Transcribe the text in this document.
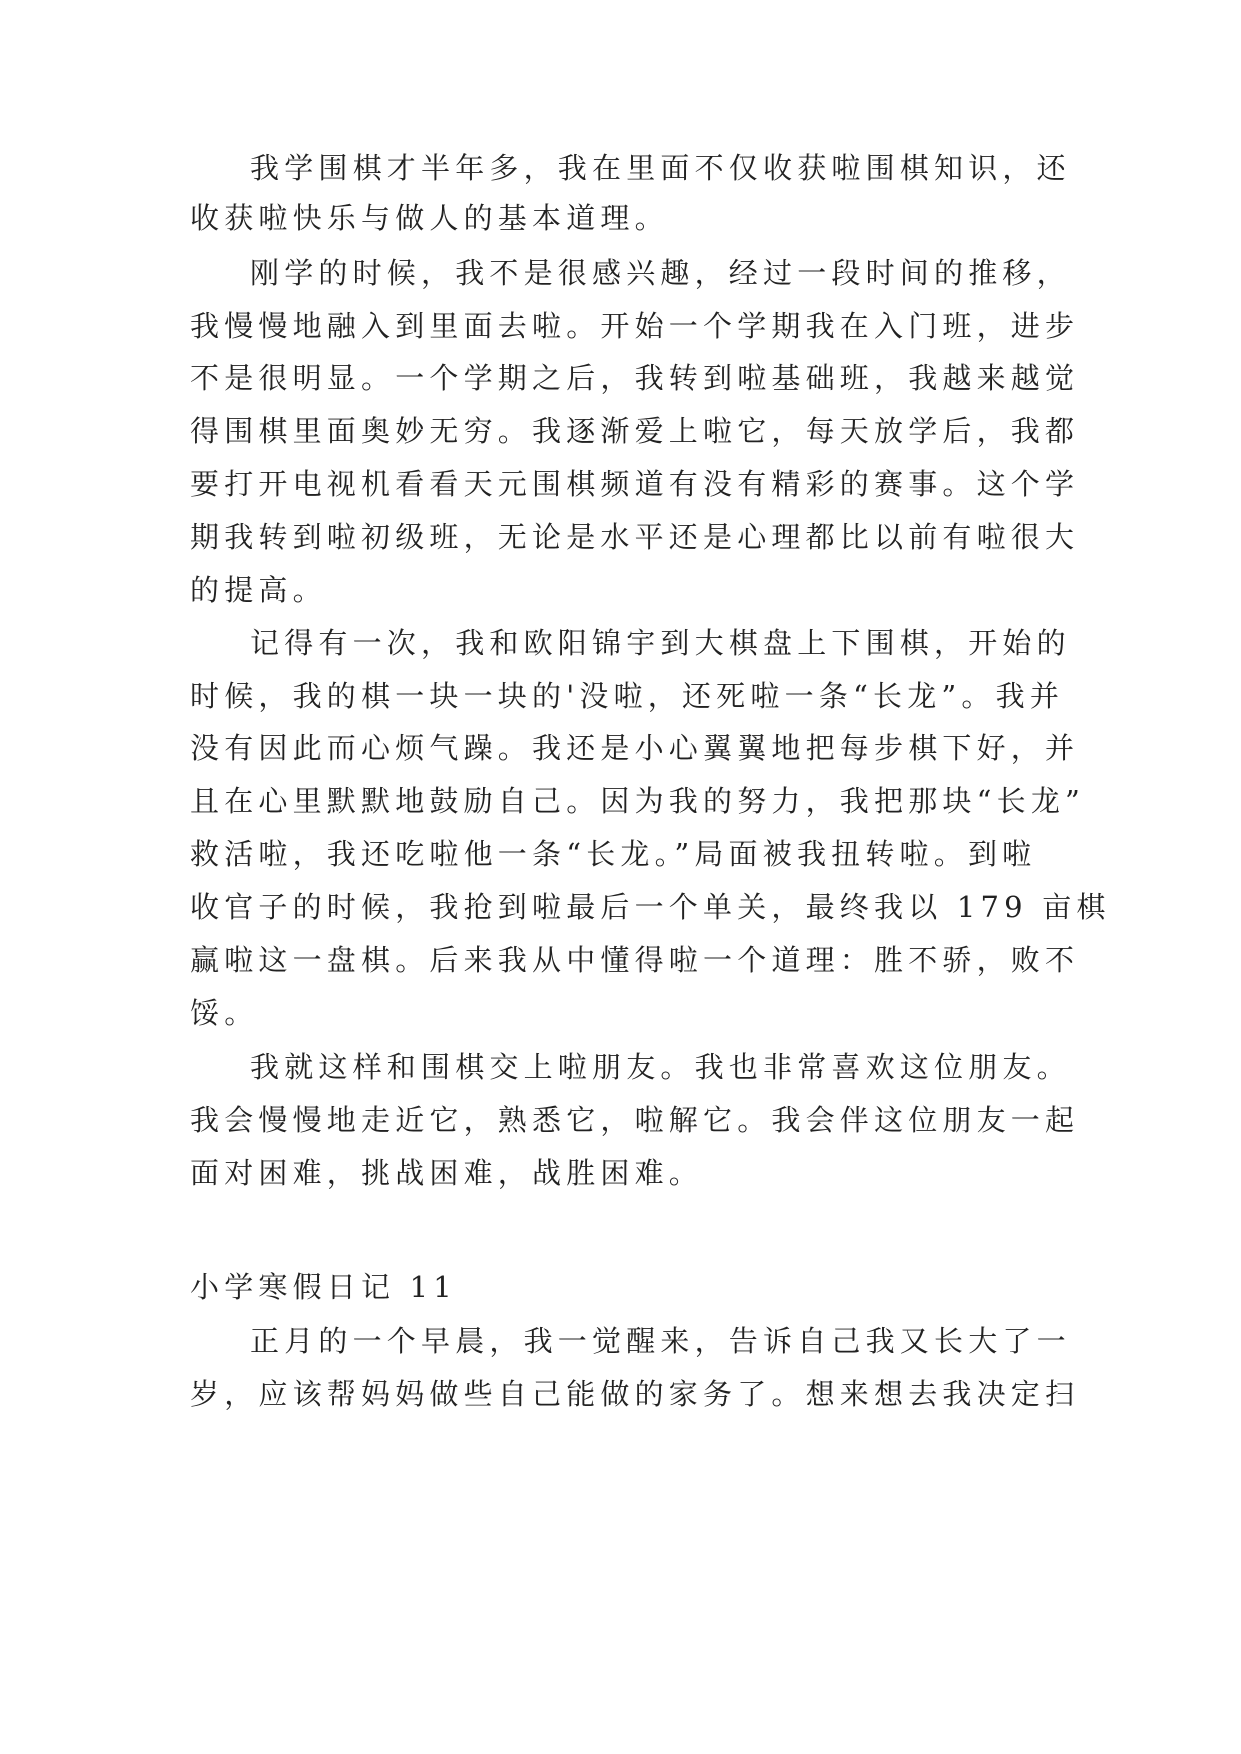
我学围棋才半年多，我在里面不仅收获啦围棋知识，还
收获啦快乐与做人的基本道理。
刚学的时候，我不是很感兴趣，经过一段时间的推移，
我慢慢地融入到里面去啦。开始一个学期我在入门班，进步
不是很明显。一个学期之后，我转到啦基础班，我越来越觉
得围棋里面奥妙无穷。我逐渐爱上啦它，每天放学后，我都
要打开电视机看看天元围棋频道有没有精彩的赛事。这个学
期我转到啦初级班，无论是水平还是心理都比以前有啦很大
的提高。
记得有一次，我和欧阳锦宇到大棋盘上下围棋，开始的
时候，我的棋一块一块的'没啦，还死啦一条“长龙”。我并
没有因此而心烦气躁。我还是小心翼翼地把每步棋下好，并
且在心里默默地鼓励自己。因为我的努力，我把那块“长龙”
救活啦，我还吃啦他一条“长龙。”局面被我扭转啦。到啦
收官子的时候，我抢到啦最后一个单关，最终我以 179 亩棋
赢啦这一盘棋。后来我从中懂得啦一个道理：胜不骄，败不
馁。
我就这样和围棋交上啦朋友。我也非常喜欢这位朋友。
我会慢慢地走近它，熟悉它，啦解它。我会伴这位朋友一起
面对困难，挑战困难，战胜困难。
小学寒假日记 11
正月的一个早晨，我一觉醒来，告诉自己我又长大了一
岁，应该帮妈妈做些自己能做的家务了。想来想去我决定扫
